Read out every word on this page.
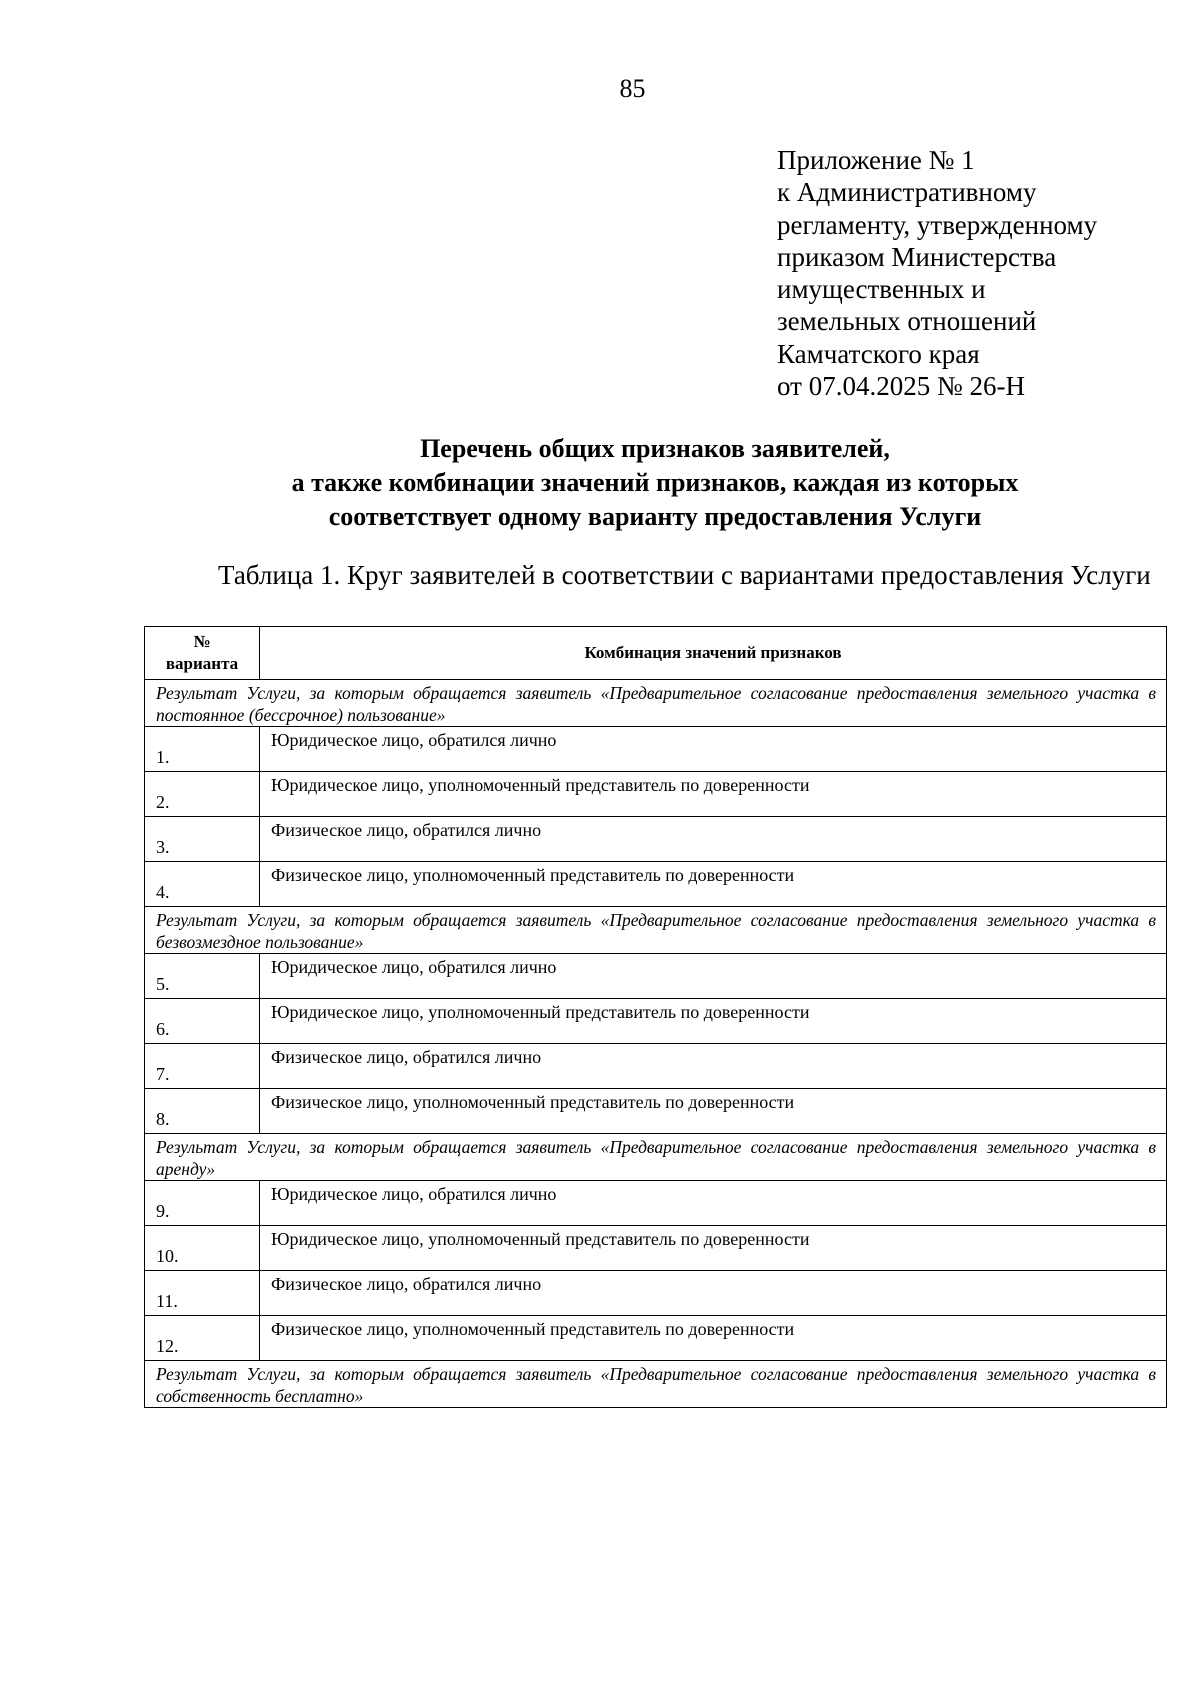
85
Приложение № 1
к Административному
регламенту, утвержденному
приказом Министерства
имущественных и
земельных отношений
Камчатского края
от 07.04.2025 № 26-Н
Перечень общих признаков заявителей,
а также комбинации значений признаков, каждая из которых
соответствует одному варианту предоставления Услуги
Таблица 1. Круг заявителей в соответствии с вариантами предоставления Услуги
№
варианта	Комбинация значений признаков
Результат Услуги, за которым обращается заявитель «Предварительное согласование предоставления земельного участка в постоянное (бессрочное) пользование»	
1.	Юридическое лицо, обратился лично
2.	Юридическое лицо, уполномоченный представитель по доверенности
3.	Физическое лицо, обратился лично
4.	Физическое лицо, уполномоченный представитель по доверенности
Результат Услуги, за которым обращается заявитель «Предварительное согласование предоставления земельного участка в безвозмездное пользование»	
5.	Юридическое лицо, обратился лично
6.	Юридическое лицо, уполномоченный представитель по доверенности
7.	Физическое лицо, обратился лично
8.	Физическое лицо, уполномоченный представитель по доверенности
Результат Услуги, за которым обращается заявитель «Предварительное согласование предоставления земельного участка в аренду»	
9.	Юридическое лицо, обратился лично
10.	Юридическое лицо, уполномоченный представитель по доверенности
11.	Физическое лицо, обратился лично
12.	Физическое лицо, уполномоченный представитель по доверенности
Результат Услуги, за которым обращается заявитель «Предварительное согласование предоставления земельного участка в собственность бесплатно»	
